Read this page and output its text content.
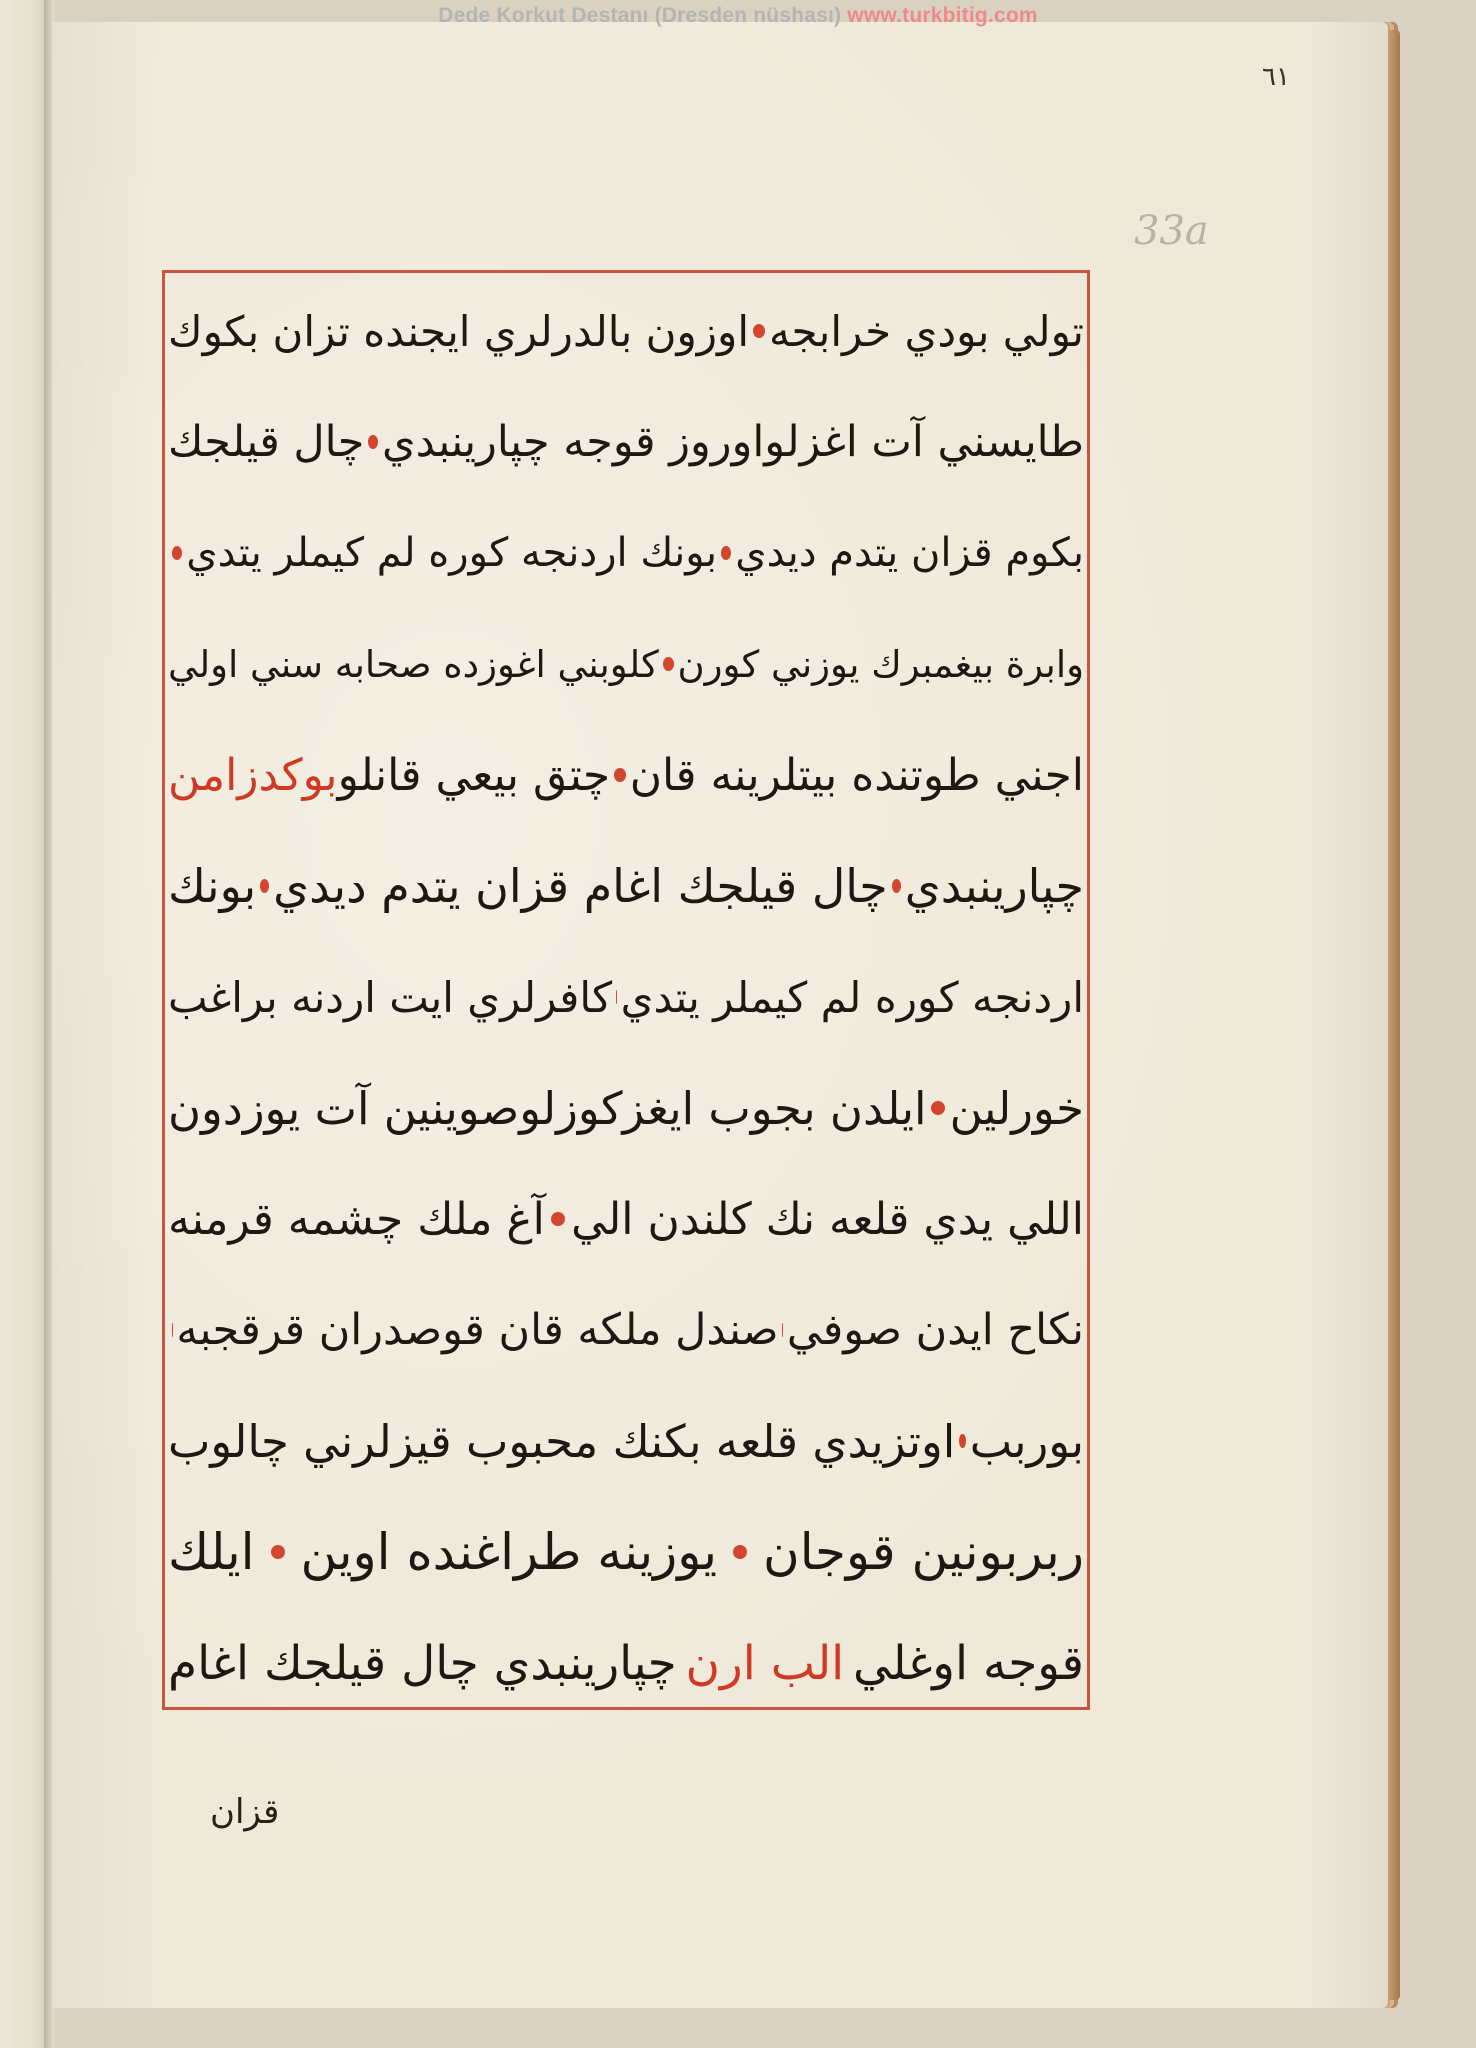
Dede Korkut Destanı (Dresden nüshası) www.turkbitig.com
٦١
33a
تولي بودي خرابجه
اوزون بالدرلري ايجنده تزان بكوك
طايسني آت اغزلواوروز قوجه چپارينبدي
چال قيلجك
بكوم قزان يتدم ديدي
بونك اردنجه كوره لم كيملر يتدي
وابرة بيغمبرك يوزني كورن
كلوبني اغوزده صحابه سني اولي
اجني طوتنده بيتلرينه قان
چتق بيعي قانلو
بوكدزامن
چپارينبدي
چال قيلجك اغام قزان يتدم ديدي
بونك
اردنجه كوره لم كيملر يتدي
كافرلري ايت اردنه براغب
خورلين
ايلدن بجوب ايغزكوزلوصوينين آت يوزدون
اللي يدي قلعه نك كلندن الي
آغ ملك چشمه قرمنه
نكاح ايدن صوفي
صندل ملكه قان قوصدران قرقجبه
بوربب
اوتزيدي قلعه بكنك محبوب قيزلرني چالوب
ربربونين قوجان
يوزينه طراغنده اوين
ايلك
قوجه اوغلي
الب ارن
چپارينبدي چال قيلجك اغام
قزان
